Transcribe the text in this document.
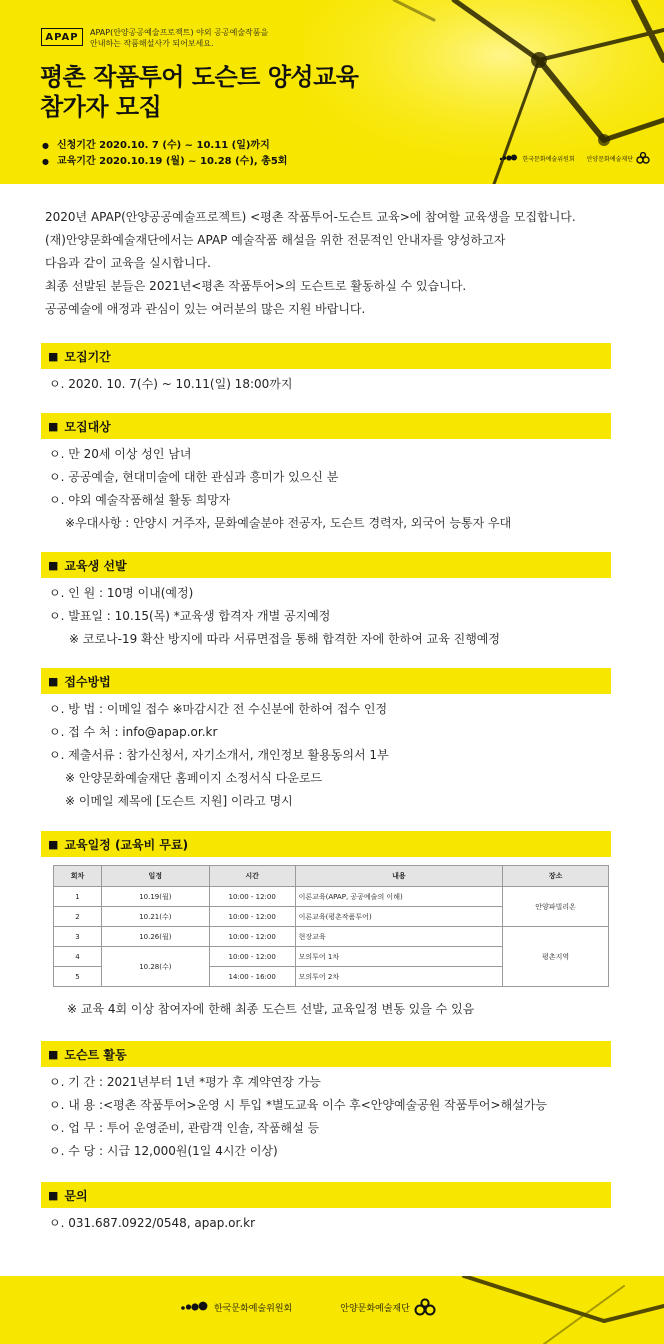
APAP	APAP(안양공공예술프로젝트) 야외 공공예술작품을
안내하는 작품해설사가 되어보세요.
평촌 작품투어 도슨트 양성교육
참가자 모집
● 신청기간 2020.10. 7 (수) ~ 10.11 (일)까지
● 교육기간 2020.10.19 (월) ~ 10.28 (수), 총5회	한국문화예술위원회 안양문화예술재단
2020년 APAP(안양공공예술프로젝트) <평촌 작품투어-도슨트 교육>에 참여할 교육생을 모집합니다.
(재)안양문화예술재단에서는 APAP 예술작품 해설을 위한 전문적인 안내자를 양성하고자
다음과 같이 교육을 실시합니다.
최종 선발된 분들은 2021년<평촌 작품투어>의 도슨트로 활동하실 수 있습니다.
공공예술에 애정과 관심이 있는 여러분의 많은 지원 바랍니다.
■ 모집기간
ㅇ. 2020. 10. 7(수) ~ 10.11(일) 18:00까지
■ 모집대상
ㅇ. 만 20세 이상 성인 남녀
ㅇ. 공공예술, 현대미술에 대한 관심과 흥미가 있으신 분
ㅇ. 야외 예술작품해설 활동 희망자
※우대사항 : 안양시 거주자, 문화예술분야 전공자, 도슨트 경력자, 외국어 능통자 우대
■ 교육생 선발
ㅇ. 인 원 : 10명 이내(예정)
ㅇ. 발표일 : 10.15(목) *교육생 합격자 개별 공지예정
※ 코로나-19 확산 방지에 따라 서류면접을 통해 합격한 자에 한하여 교육 진행예정
■ 접수방법
ㅇ. 방 법 : 이메일 접수 ※마감시간 전 수신분에 한하여 접수 인정
ㅇ. 접 수 처 : info@apap.or.kr
ㅇ. 제출서류 : 참가신청서, 자기소개서, 개인정보 활용동의서 1부
※ 안양문화예술재단 홈페이지 소정서식 다운로드
※ 이메일 제목에 [도슨트 지원] 이라고 명시
■ 교육일정 (교육비 무료)
회차	일정	시간	내용	장소
1	10.19(월)	10:00 - 12:00	이론교육(APAP, 공공예술의 이해)	안양파빌리온
2	10.21(수)	10:00 - 12:00	이론교육(평촌작품투어)	
3	10.26(월)	10:00 - 12:00	현장교육	평촌지역
4	10.28(수)	10:00 - 12:00	모의투어 1차	
5		14:00 - 16:00	모의투어 2차	
※ 교육 4회 이상 참여자에 한해 최종 도슨트 선발, 교육일정 변동 있을 수 있음
■ 도슨트 활동
ㅇ. 기 간 : 2021년부터 1년 *평가 후 계약연장 가능
ㅇ. 내 용 :<평촌 작품투어>운영 시 투입 *별도교육 이수 후<안양예술공원 작품투어>해설가능
ㅇ. 업 무 : 투어 운영준비, 관람객 인솔, 작품해설 등
ㅇ. 수 당 : 시급 12,000원(1일 4시간 이상)
■ 문의
ㅇ. 031.687.0922/0548, apap.or.kr
한국문화예술위원회	안양문화예술재단
